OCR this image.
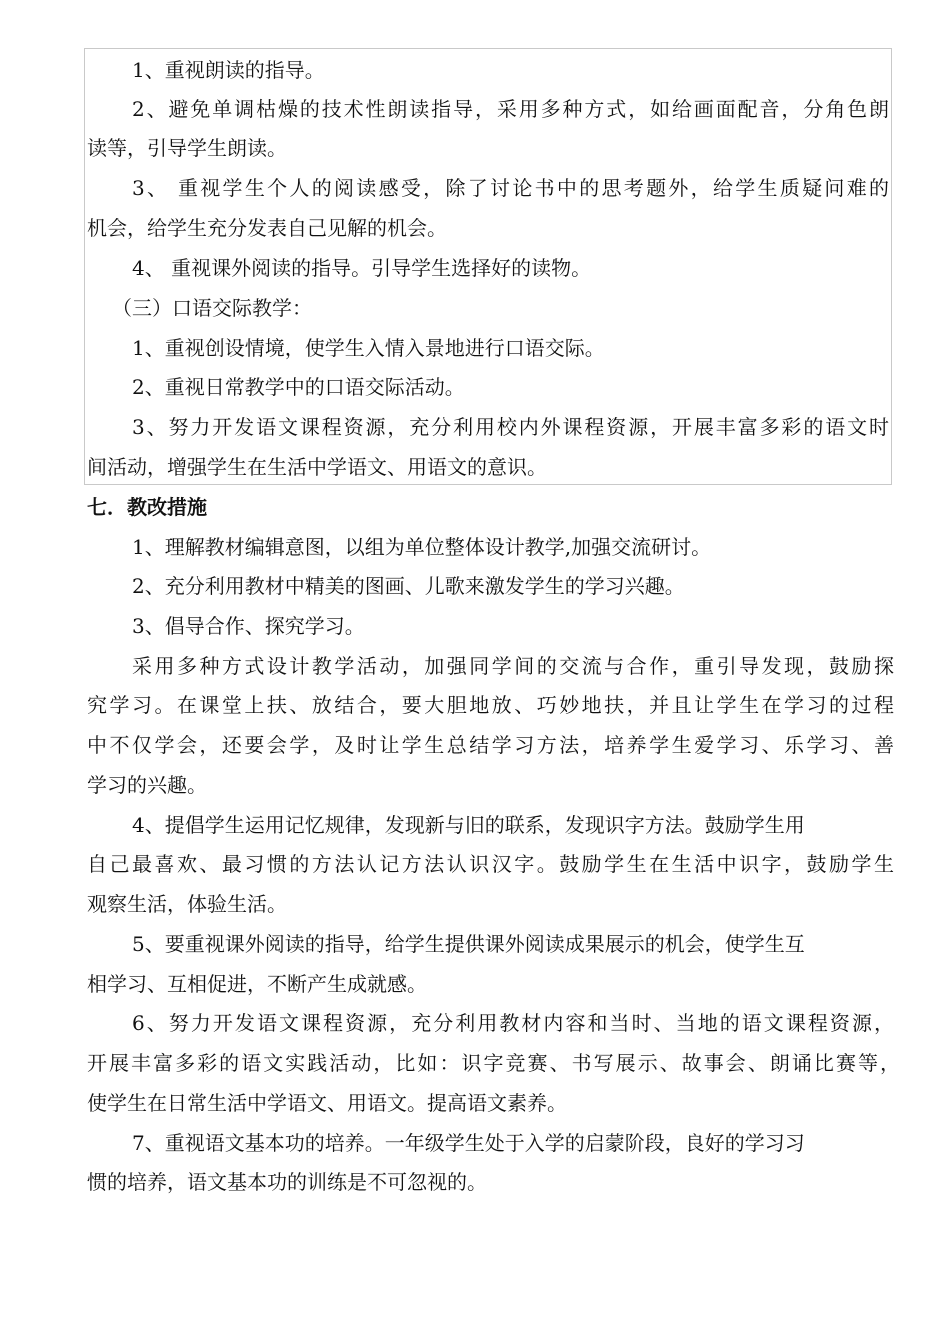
1、重视朗读的指导。
2、避免单调枯燥的技术性朗读指导，采用多种方式，如给画面配音，分角色朗
读等，引导学生朗读。
3、 重视学生个人的阅读感受，除了讨论书中的思考题外，给学生质疑问难的
机会，给学生充分发表自己见解的机会。
4、 重视课外阅读的指导。引导学生选择好的读物。
（三）口语交际教学：
1、重视创设情境，使学生入情入景地进行口语交际。
2、重视日常教学中的口语交际活动。
3、努力开发语文课程资源，充分利用校内外课程资源，开展丰富多彩的语文时
间活动，增强学生在生活中学语文、用语文的意识。
七．教改措施
1、理解教材编辑意图，以组为单位整体设计教学,加强交流研讨。
2、充分利用教材中精美的图画、儿歌来激发学生的学习兴趣。
3、倡导合作、探究学习。
采用多种方式设计教学活动，加强同学间的交流与合作，重引导发现，鼓励探
究学习。在课堂上扶、放结合，要大胆地放、巧妙地扶，并且让学生在学习的过程
中不仅学会，还要会学，及时让学生总结学习方法，培养学生爱学习、乐学习、善
学习的兴趣。
4、提倡学生运用记忆规律，发现新与旧的联系，发现识字方法。鼓励学生用
自己最喜欢、最习惯的方法认记方法认识汉字。鼓励学生在生活中识字，鼓励学生
观察生活，体验生活。
5、要重视课外阅读的指导，给学生提供课外阅读成果展示的机会，使学生互
相学习、互相促进，不断产生成就感。
6、努力开发语文课程资源，充分利用教材内容和当时、当地的语文课程资源，
开展丰富多彩的语文实践活动，比如：识字竞赛、书写展示、故事会、朗诵比赛等，
使学生在日常生活中学语文、用语文。提高语文素养。
7、重视语文基本功的培养。一年级学生处于入学的启蒙阶段，良好的学习习
惯的培养，语文基本功的训练是不可忽视的。
